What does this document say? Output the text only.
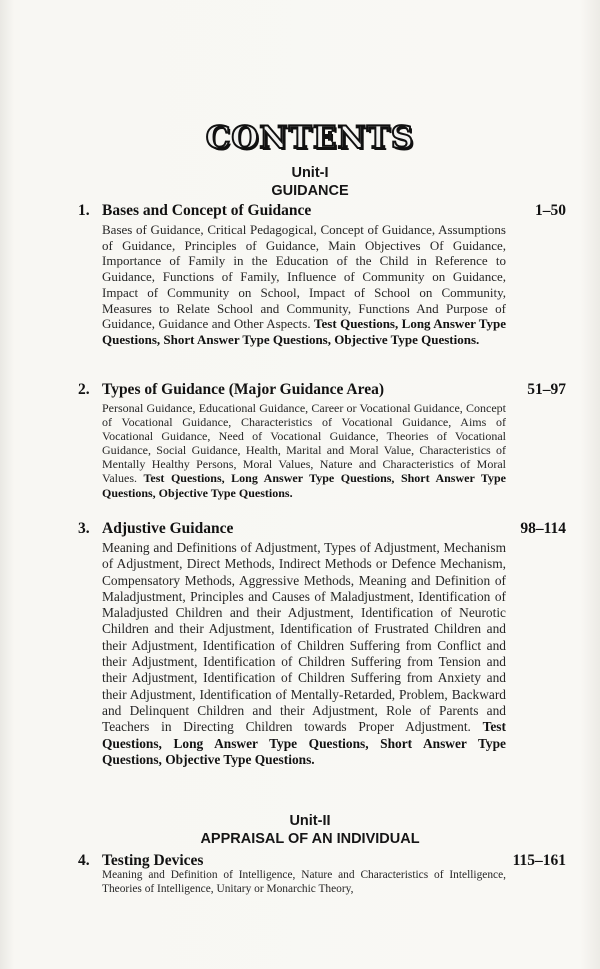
CONTENTS
Unit-I
GUIDANCE
1. Bases and Concept of Guidance	1–50
Bases of Guidance, Critical Pedagogical, Concept of Guidance, Assumptions of Guidance, Principles of Guidance, Main Objectives Of Guidance, Importance of Family in the Education of the Child in Reference to Guidance, Functions of Family, Influence of Community on Guidance, Impact of Community on School, Impact of School on Community, Measures to Relate School and Community, Functions And Purpose of Guidance, Guidance and Other Aspects. Test Questions, Long Answer Type Questions, Short Answer Type Questions, Objective Type Questions.
2. Types of Guidance (Major Guidance Area)	51–97
Personal Guidance, Educational Guidance, Career or Vocational Guidance, Concept of Vocational Guidance, Characteristics of Vocational Guidance, Aims of Vocational Guidance, Need of Vocational Guidance, Theories of Vocational Guidance, Social Guidance, Health, Marital and Moral Value, Characteristics of Mentally Healthy Persons, Moral Values, Nature and Characteristics of Moral Values. Test Questions, Long Answer Type Questions, Short Answer Type Questions, Objective Type Questions.
3. Adjustive Guidance	98–114
Meaning and Definitions of Adjustment, Types of Adjustment, Mechanism of Adjustment, Direct Methods, Indirect Methods or Defence Mechanism, Compensatory Methods, Aggressive Methods, Meaning and Definition of Maladjustment, Principles and Causes of Maladjustment, Identification of Maladjusted Children and their Adjustment, Identification of Neurotic Children and their Adjustment, Identification of Frustrated Children and their Adjustment, Identification of Children Suffering from Conflict and their Adjustment, Identification of Children Suffering from Tension and their Adjustment, Identification of Children Suffering from Anxiety and their Adjustment, Identification of Mentally-Retarded, Problem, Backward and Delinquent Children and their Adjustment, Role of Parents and Teachers in Directing Children towards Proper Adjustment. Test Questions, Long Answer Type Questions, Short Answer Type Questions, Objective Type Questions.
Unit-II
APPRAISAL OF AN INDIVIDUAL
4. Testing Devices	115–161
Meaning and Definition of Intelligence, Nature and Characteristics of Intelligence, Theories of Intelligence, Unitary or Monarchic Theory,
